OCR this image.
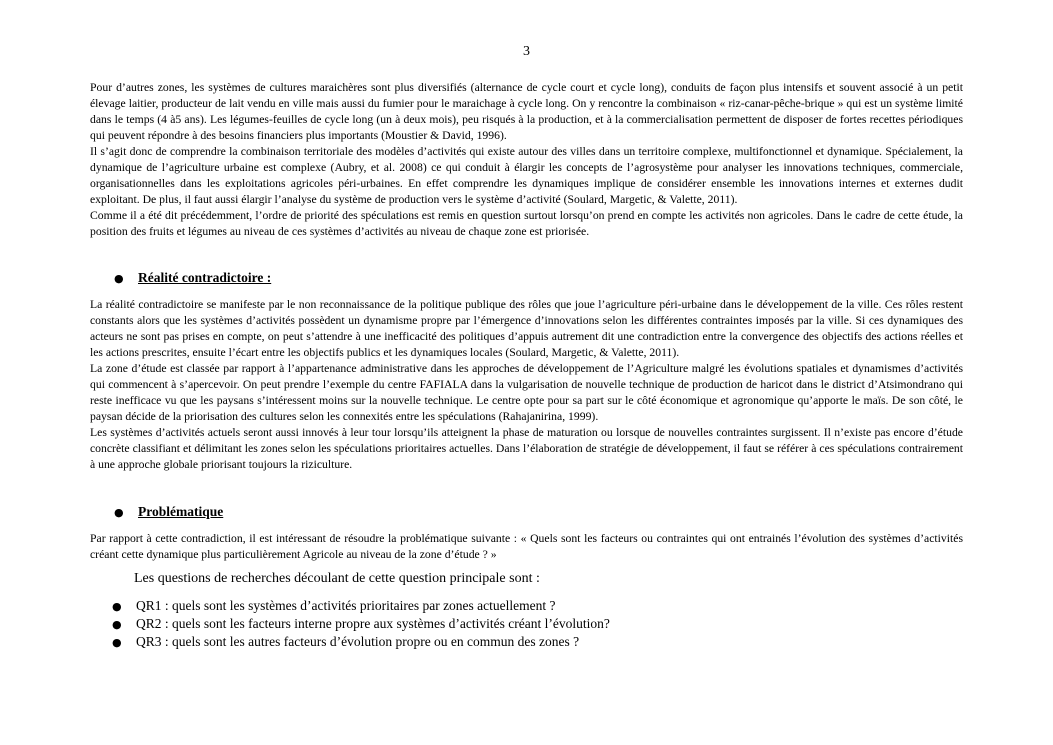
3

Pour d’autres zones, les systèmes de cultures maraichères sont plus diversifiés (alternance de cycle court et cycle long), conduits de façon plus intensifs et souvent associé à un petit élevage laitier, producteur de lait vendu en ville mais aussi du fumier pour le maraichage à cycle long. On y rencontre la combinaison « riz-canar-pêche-brique » qui est un système limité dans le temps (4 à5 ans). Les légumes-feuilles de cycle long (un à deux mois), peu risqués à la production, et à la commercialisation permettent de disposer de fortes recettes périodiques qui peuvent répondre à des besoins financiers plus importants (Moustier & David, 1996).

Il s’agit donc de comprendre la combinaison territoriale des modèles d’activités qui existe autour des villes dans un territoire complexe, multifonctionnel et dynamique. Spécialement, la dynamique de l’agriculture urbaine est complexe (Aubry, et al. 2008) ce qui conduit à élargir les concepts de l’agrosystème pour analyser les innovations techniques, commerciale, organisationnelles dans les exploitations agricoles péri-urbaines. En effet comprendre les dynamiques implique de considérer ensemble les innovations internes et externes dudit exploitant. De plus, il faut aussi élargir l’analyse du système de production vers le système d’activité (Soulard, Margetic, & Valette, 2011).

Comme il a été dit précédemment, l’ordre de priorité des spéculations est remis en question surtout lorsqu’on prend en compte les activités non agricoles. Dans le cadre de cette étude, la position des fruits et légumes au niveau de ces systèmes d’activités au niveau de chaque zone est priorisée.

● Réalité contradictoire :

La réalité contradictoire se manifeste par le non reconnaissance de la politique publique des rôles que joue l’agriculture péri-urbaine dans le développement de la ville. Ces rôles restent constants alors que les systèmes d’activités possèdent un dynamisme propre par l’émergence d’innovations selon les différentes contraintes imposés par la ville. Si ces dynamiques des acteurs ne sont pas prises en compte, on peut s’attendre à une inefficacité des politiques d’appuis autrement dit une contradiction entre la convergence des objectifs des actions réelles et les actions prescrites, ensuite l’écart entre les objectifs publics et les dynamiques locales (Soulard, Margetic, & Valette, 2011).

La zone d’étude est classée par rapport à l’appartenance administrative dans les approches de développement de l’Agriculture malgré les évolutions spatiales et dynamismes d’activités qui commencent à s’apercevoir. On peut prendre l’exemple du centre FAFIALA dans la vulgarisation de nouvelle technique de production de haricot dans le district d’Atsimondrano qui reste inefficace vu que les paysans s’intéressent moins sur la nouvelle technique. Le centre opte pour sa part sur le côté économique et agronomique qu’apporte le maïs. De son côté, le paysan décide de la priorisation des cultures selon les connexités entre les spéculations (Rahajanirina, 1999).

Les systèmes d’activités actuels seront aussi innovés à leur tour lorsqu’ils atteignent la phase de maturation ou lorsque de nouvelles contraintes surgissent. Il n’existe pas encore d’étude concrète classifiant et délimitant les zones selon les spéculations prioritaires actuelles. Dans l’élaboration de stratégie de développement, il faut se référer à ces spéculations contrairement à une approche globale priorisant toujours la riziculture.

● Problématique

Par rapport à cette contradiction, il est intéressant de résoudre la problématique suivante : « Quels sont les facteurs ou contraintes qui ont entrainés l’évolution des systèmes d’activités créant cette dynamique plus particulièrement Agricole au niveau de la zone d’étude ? »

Les questions de recherches découlant de cette question principale sont :
● QR1 : quels sont les systèmes d’activités prioritaires par zones actuellement ?
● QR2 : quels sont les facteurs interne propre aux systèmes d’activités créant l’évolution?
● QR3 : quels sont les autres facteurs d’évolution propre ou en commun des zones ?
